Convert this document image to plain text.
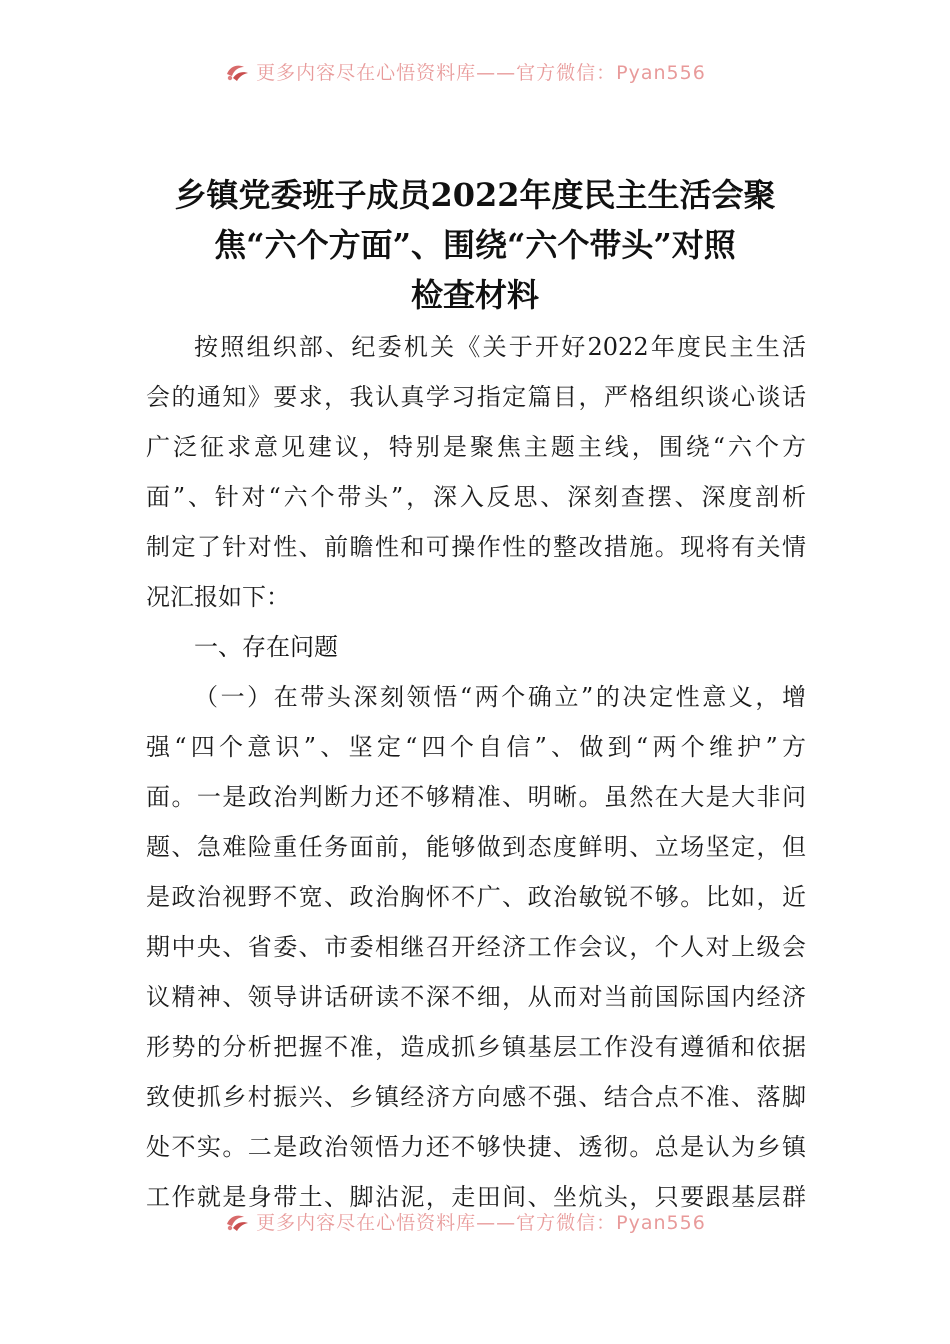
更多内容尽在心悟资料库——官方微信：Pyan556
乡镇党委班子成员2022年度民主生活会聚
焦“六个方面”、围绕“六个带头”对照
检查材料
按照组织部、纪委机关《关于开好2022年度民主生活
会的通知》要求，我认真学习指定篇目，严格组织谈心谈话
广泛征求意见建议，特别是聚焦主题主线，围绕“六个方
面”、针对“六个带头”，深入反思、深刻查摆、深度剖析
制定了针对性、前瞻性和可操作性的整改措施。现将有关情
况汇报如下：
一、存在问题
（一）在带头深刻领悟“两个确立”的决定性意义，增
强“四个意识”、坚定“四个自信”、做到“两个维护”方
面。一是政治判断力还不够精准、明晰。虽然在大是大非问
题、急难险重任务面前，能够做到态度鲜明、立场坚定，但
是政治视野不宽、政治胸怀不广、政治敏锐不够。比如，近
期中央、省委、市委相继召开经济工作会议，个人对上级会
议精神、领导讲话研读不深不细，从而对当前国际国内经济
形势的分析把握不准，造成抓乡镇基层工作没有遵循和依据
致使抓乡村振兴、乡镇经济方向感不强、结合点不准、落脚
处不实。二是政治领悟力还不够快捷、透彻。总是认为乡镇
工作就是身带土、脚沾泥，走田间、坐炕头，只要跟基层群
更多内容尽在心悟资料库——官方微信：Pyan556
